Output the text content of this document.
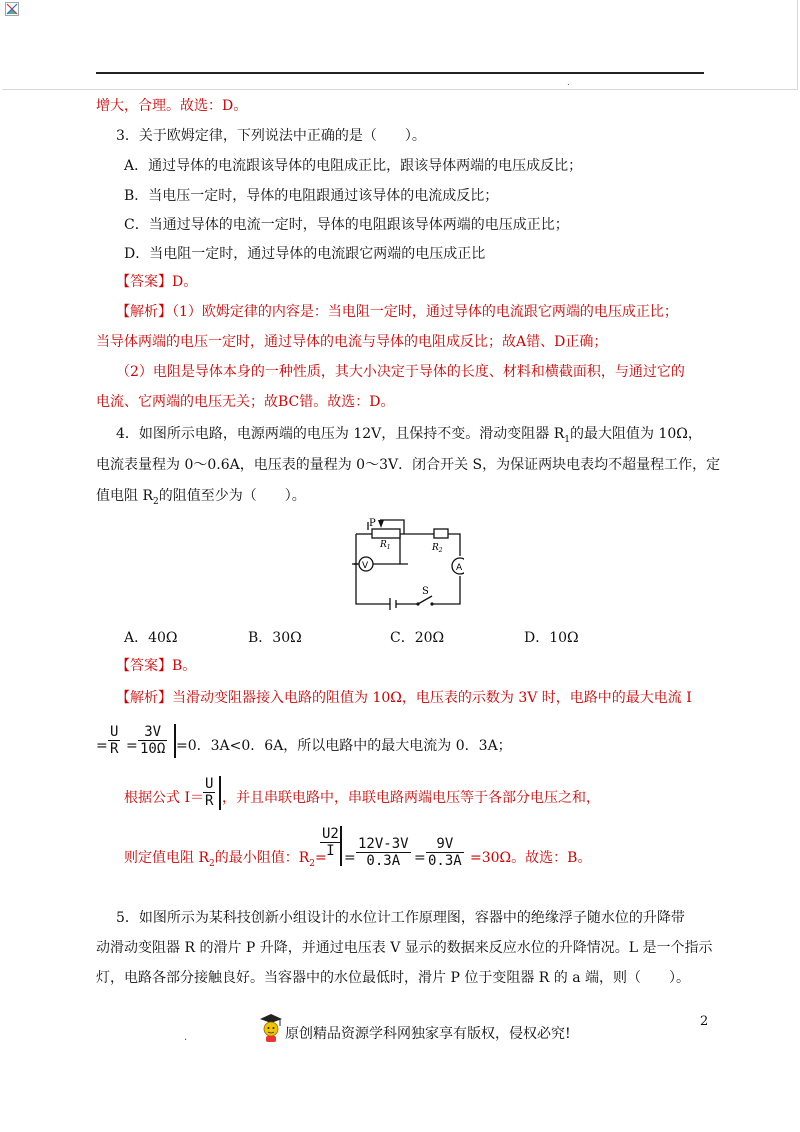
.
增大，合理。故选：D。
3．关于欧姆定律，下列说法中正确的是（　　）。
A．通过导体的电流跟该导体的电阻成正比，跟该导体两端的电压成反比；
B．当电压一定时，导体的电阻跟通过该导体的电流成反比；
C．当通过导体的电流一定时，导体的电阻跟该导体两端的电压成正比；
D．当电阻一定时，通过导体的电流跟它两端的电压成正比
【答案】D。
【解析】（1）欧姆定律的内容是：当电阻一定时，通过导体的电流跟它两端的电压成正比；
当导体两端的电压一定时，通过导体的电流与导体的电阻成反比；故A错、D正确；
（2）电阻是导体本身的一种性质，其大小决定于导体的长度、材料和横截面积，与通过它的
电流、它两端的电压无关；故BC错。故选：D。
4．如图所示电路，电源两端的电压为 12V，且保持不变。滑动变阻器 $R_1$的最大阻值为 10Ω，
电流表量程为 0～0.6A，电压表的量程为 0～3V．闭合开关 S，为保证两块电表均不超量程工作，定
值电阻 $R_2$的阻值至少为（　　）。
P
$R_1$	$R_2$
V	A
S
A．40Ω	B．30Ω	C．20Ω	D．10Ω
【答案】B。
【解析】当滑动变阻器接入电路的阻值为 10Ω，电压表的示数为 3V 时，电路中的最大电流 I
= $\frac{U}{R} = \frac{3V}{10\Omega} =0$．3A<0．6A，所以电路中的最大电流为 0．3A；
根据公式 $I= \frac{U}{R}$ ，并且串联电路中，串联电路两端电压等于各部分电压之和，
则定值电阻 $R_2$的最小阻值：$R_2=$
$\frac{U2}{I} = \frac{12V-3V}{0.3A} = \frac{9V}{0.3A} =30\Omega$。故选：B。
5．如图所示为某科技创新小组设计的水位计工作原理图，容器中的绝缘浮子随水位的升降带
动滑动变阻器 R 的滑片 P 升降，并通过电压表 V 显示的数据来反应水位的升降情况。L 是一个指示
灯，电路各部分接触良好。当容器中的水位最低时，滑片 P 位于变阻器 R 的 a 端，则（　　）。
2
.	原创精品资源学科网独家享有版权，侵权必究!
